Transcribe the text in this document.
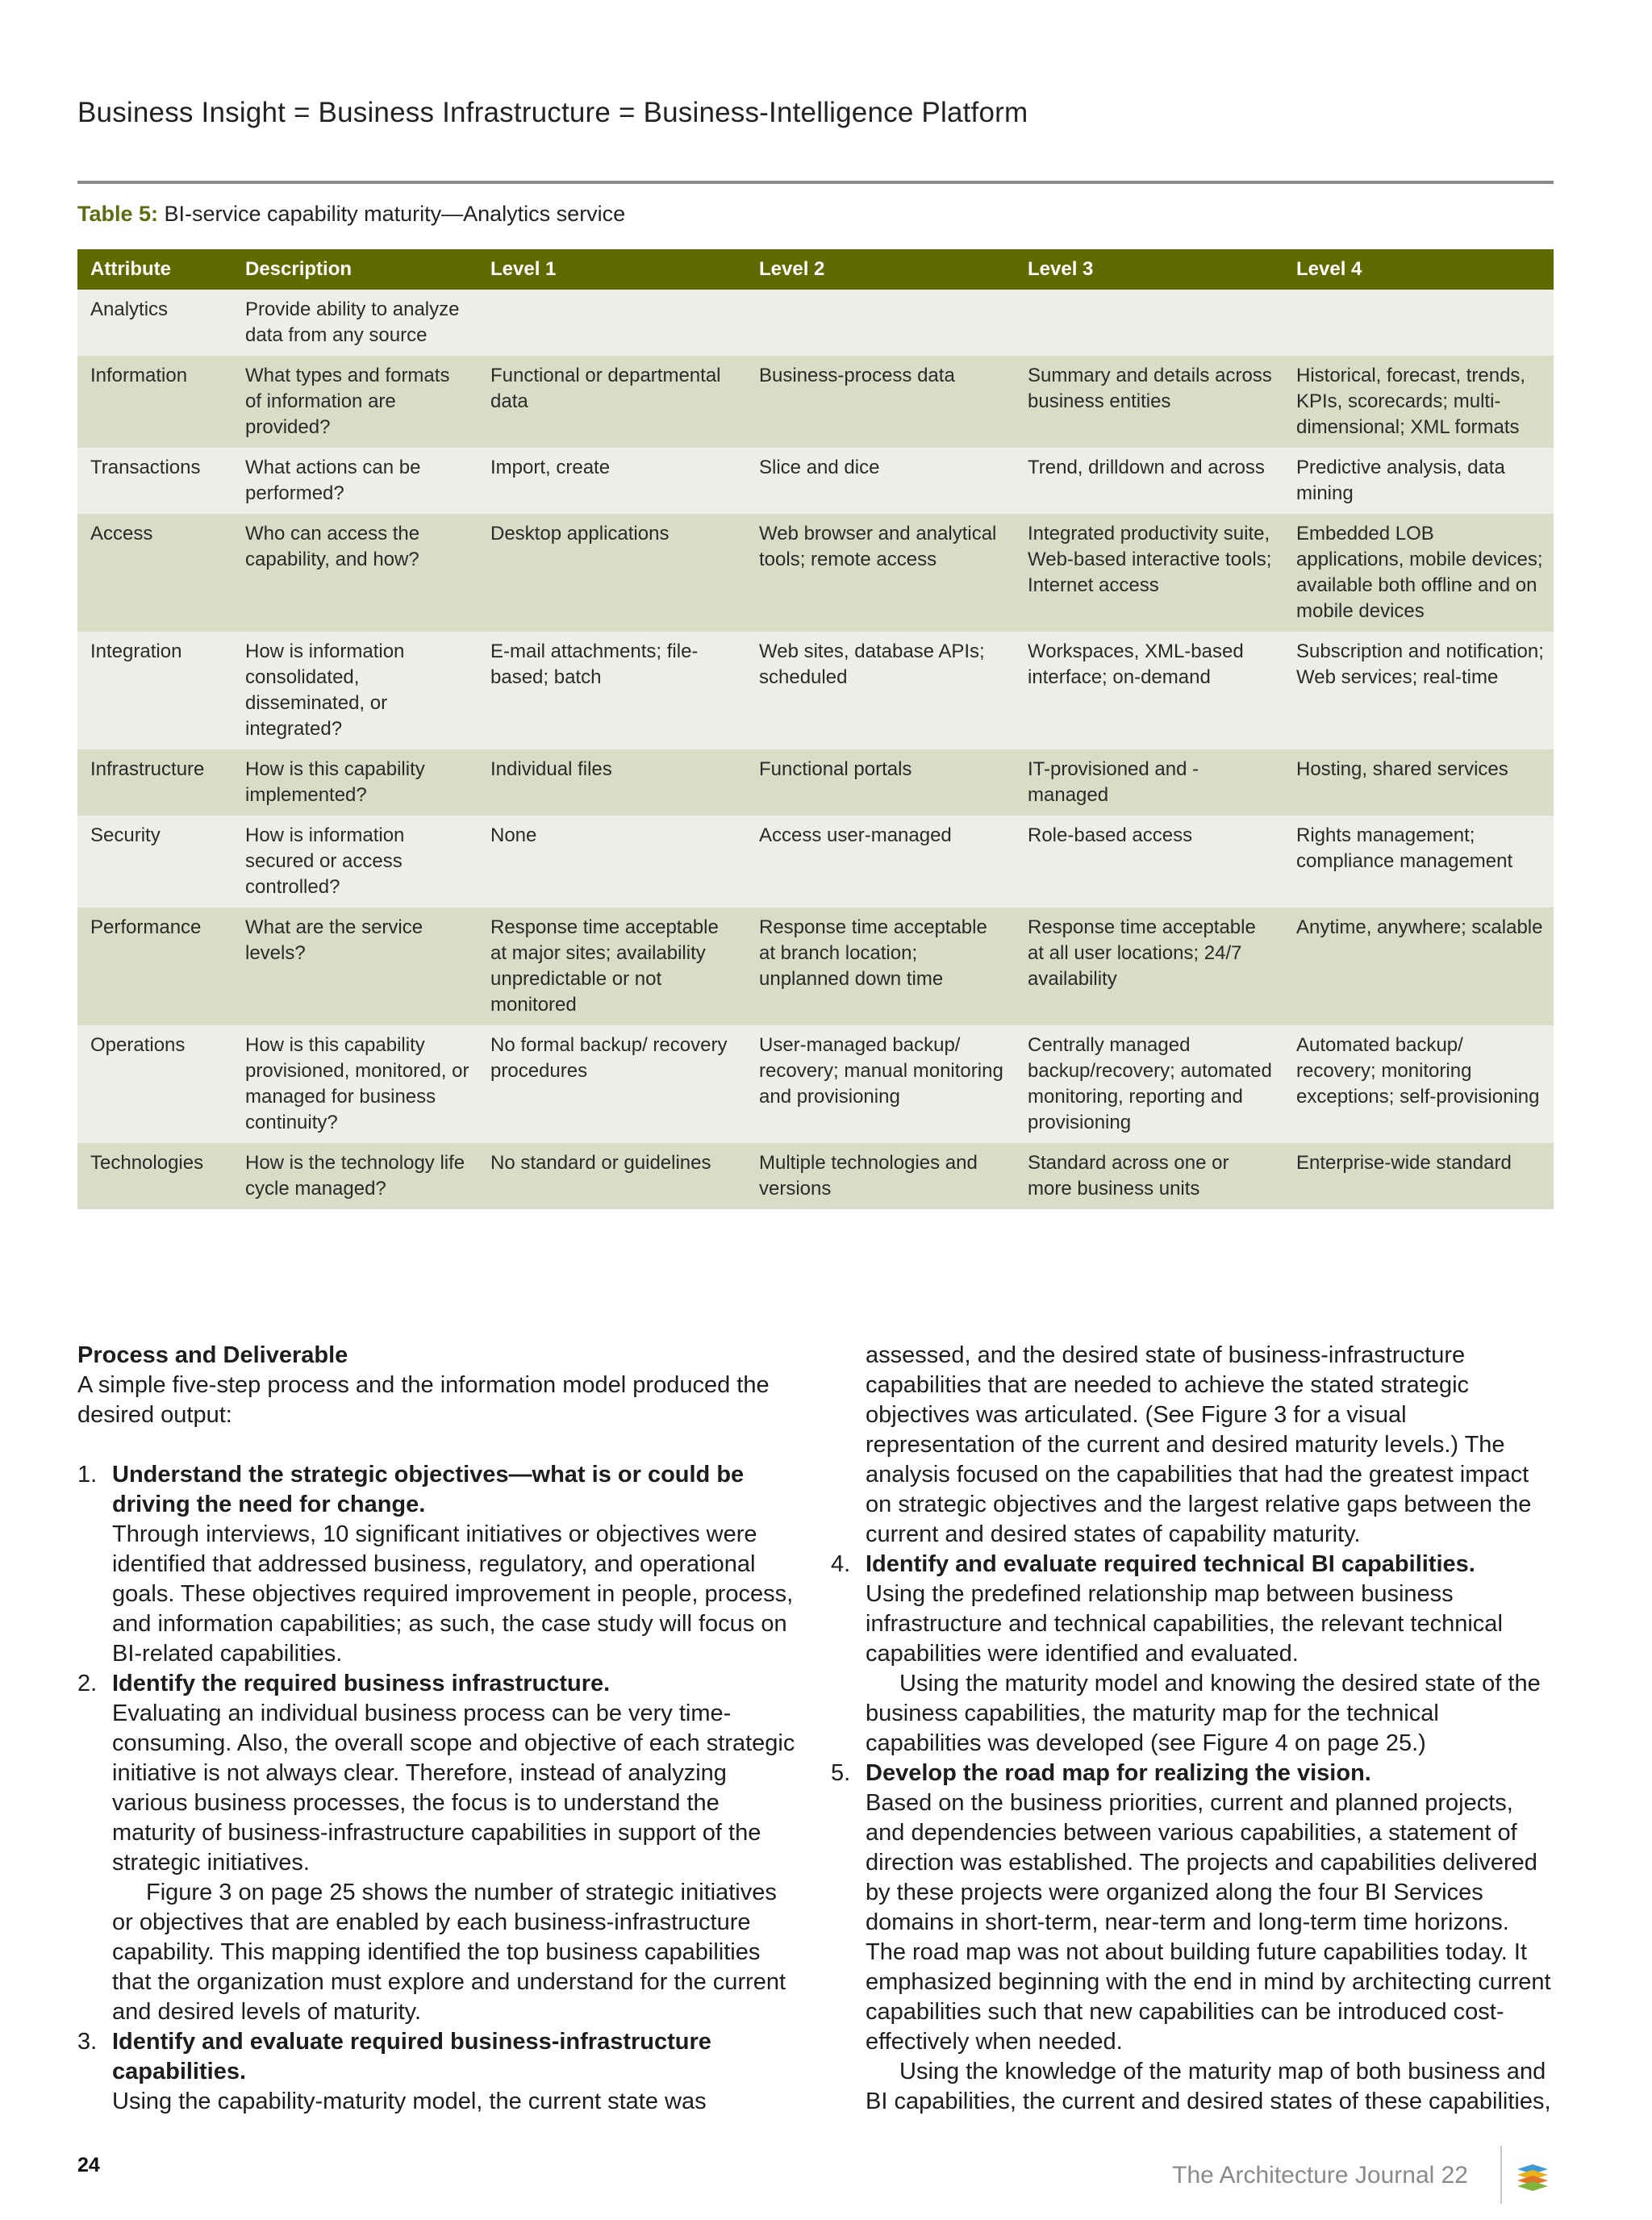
Business Insight = Business Infrastructure = Business-Intelligence Platform
Table 5: BI-service capability maturity—Analytics service
Attribute	Description	Level 1	Level 2	Level 3	Level 4
Analytics	Provide ability to analyze data from any source				
Information	What types and formats of information are provided?	Functional or departmental data	Business-process data	Summary and details across business entities	Historical, forecast, trends, KPIs, scorecards; multi-dimensional; XML formats
Transactions	What actions can be performed?	Import, create	Slice and dice	Trend, drilldown and across	Predictive analysis, data mining
Access	Who can access the capability, and how?	Desktop applications	Web browser and analytical tools; remote access	Integrated productivity suite, Web-based interactive tools; Internet access	Embedded LOB applications, mobile devices; available both offline and on mobile devices
Integration	How is information consolidated, disseminated, or integrated?	E-mail attachments; file-based; batch	Web sites, database APIs; scheduled	Workspaces, XML-based interface; on-demand	Subscription and notification; Web services; real-time
Infrastructure	How is this capability implemented?	Individual files	Functional portals	IT-provisioned and -managed	Hosting, shared services
Security	How is information secured or access controlled?	None	Access user-managed	Role-based access	Rights management; compliance management
Performance	What are the service levels?	Response time acceptable at major sites; availability unpredictable or not monitored	Response time acceptable at branch location; unplanned down time	Response time acceptable at all user locations; 24/7 availability	Anytime, anywhere; scalable
Operations	How is this capability provisioned, monitored, or managed for business continuity?	No formal backup/ recovery procedures	User-managed backup/ recovery; manual monitoring and provisioning	Centrally managed backup/recovery; automated monitoring, reporting and provisioning	Automated backup/ recovery; monitoring exceptions; self-provisioning
Technologies	How is the technology life cycle managed?	No standard or guidelines	Multiple technologies and versions	Standard across one or more business units	Enterprise-wide standard

Process and Deliverable

A simple five-step process and the information model produced the desired output:

1. Understand the strategic objectives—what is or could be driving the need for change.

Through interviews, 10 significant initiatives or objectives were identified that addressed business, regulatory, and operational goals. These objectives required improvement in people, process, and information capabilities; as such, the case study will focus on BI-related capabilities.

2. Identify the required business infrastructure.

Evaluating an individual business process can be very time-consuming. Also, the overall scope and objective of each strategic initiative is not always clear. Therefore, instead of analyzing various business processes, the focus is to understand the maturity of business-infrastructure capabilities in support of the strategic initiatives.

Figure 3 on page 25 shows the number of strategic initiatives or objectives that are enabled by each business-infrastructure capability. This mapping identified the top business capabilities that the organization must explore and understand for the current and desired levels of maturity.

3. Identify and evaluate required business-infrastructure capabilities.

Using the capability-maturity model, the current state was

assessed, and the desired state of business-infrastructure capabilities that are needed to achieve the stated strategic objectives was articulated. (See Figure 3 for a visual representation of the current and desired maturity levels.) The analysis focused on the capabilities that had the greatest impact on strategic objectives and the largest relative gaps between the current and desired states of capability maturity.

4. Identify and evaluate required technical BI capabilities.

Using the predefined relationship map between business infrastructure and technical capabilities, the relevant technical capabilities were identified and evaluated.

Using the maturity model and knowing the desired state of the business capabilities, the maturity map for the technical capabilities was developed (see Figure 4 on page 25.)

5. Develop the road map for realizing the vision.

Based on the business priorities, current and planned projects, and dependencies between various capabilities, a statement of direction was established. The projects and capabilities delivered by these projects were organized along the four BI Services domains in short-term, near-term and long-term time horizons. The road map was not about building future capabilities today. It emphasized beginning with the end in mind by architecting current capabilities such that new capabilities can be introduced cost-effectively when needed.

Using the knowledge of the maturity map of both business and BI capabilities, the current and desired states of these capabilities,

24	The Architecture Journal 22
